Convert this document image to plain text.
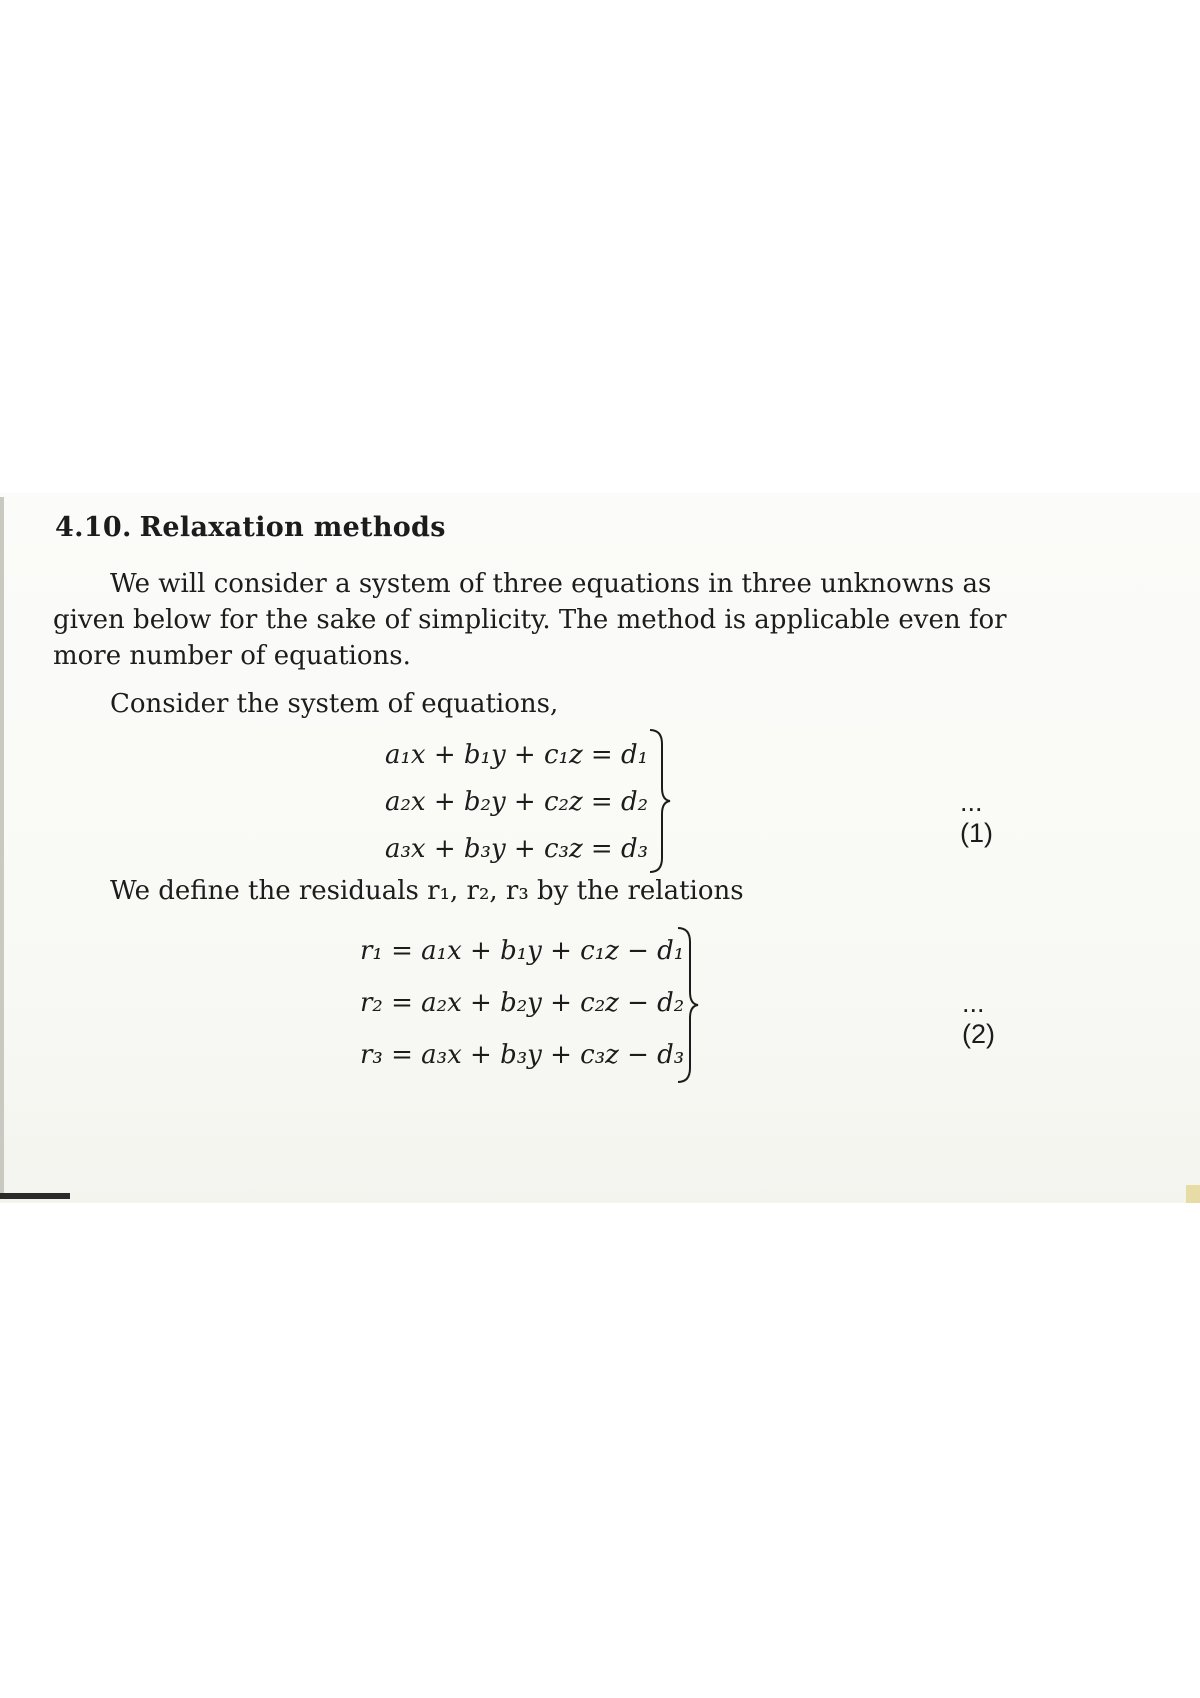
4.10. Relaxation methods
We will consider a system of three equations in three unknowns as
given below for the sake of simplicity. The method is applicable even for
more number of equations.
Consider the system of equations,
a₁x + b₁y + c₁z = d₁
a₂x + b₂y + c₂z = d₂
a₃x + b₃y + c₃z = d₃
...(1)
We define the residuals r₁, r₂, r₃ by the relations
r₁ = a₁x + b₁y + c₁z − d₁
r₂ = a₂x + b₂y + c₂z − d₂
r₃ = a₃x + b₃y + c₃z − d₃
...(2)
